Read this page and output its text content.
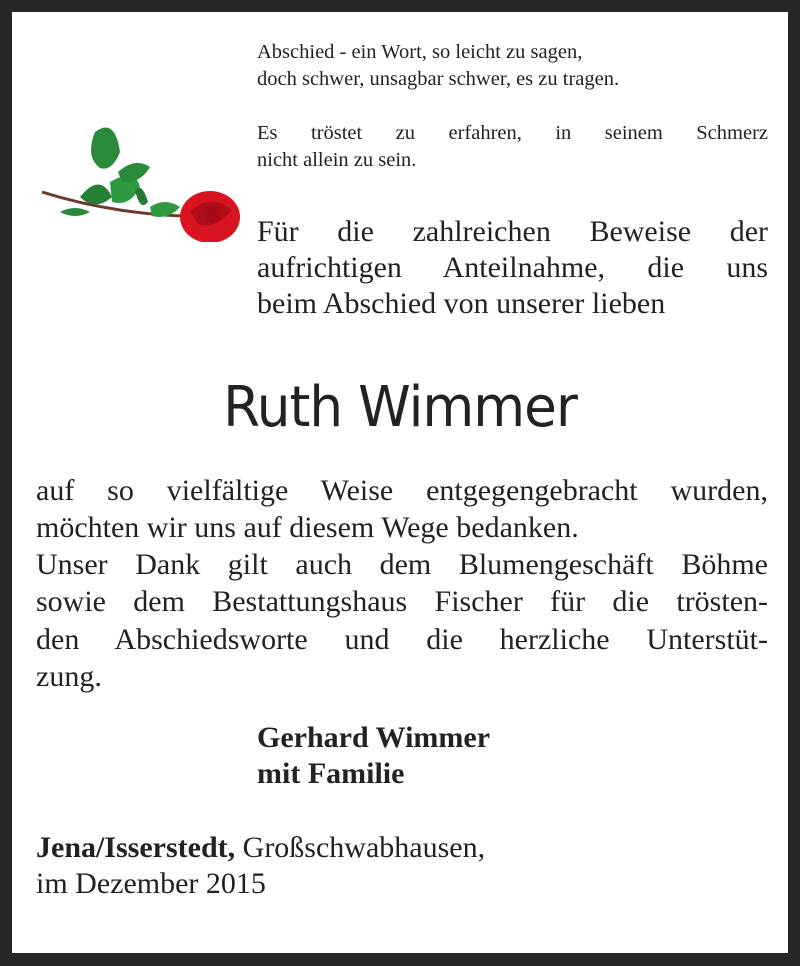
Abschied - ein Wort, so leicht zu sagen,
doch schwer, unsagbar schwer, es zu tragen.
Es tröstet zu erfahren, in seinem Schmerz
nicht allein zu sein.
Für die zahlreichen Beweise der
aufrichtigen Anteilnahme, die uns
beim Abschied von unserer lieben
Ruth Wimmer
auf so vielfältige Weise entgegengebracht wurden,
möchten wir uns auf diesem Wege bedanken.
Unser Dank gilt auch dem Blumengeschäft Böhme
sowie dem Bestattungshaus Fischer für die trösten-
den Abschiedsworte und die herzliche Unterstüt-
zung.
Gerhard Wimmer
mit Familie
Jena/Isserstedt, Großschwabhausen,
im Dezember 2015
